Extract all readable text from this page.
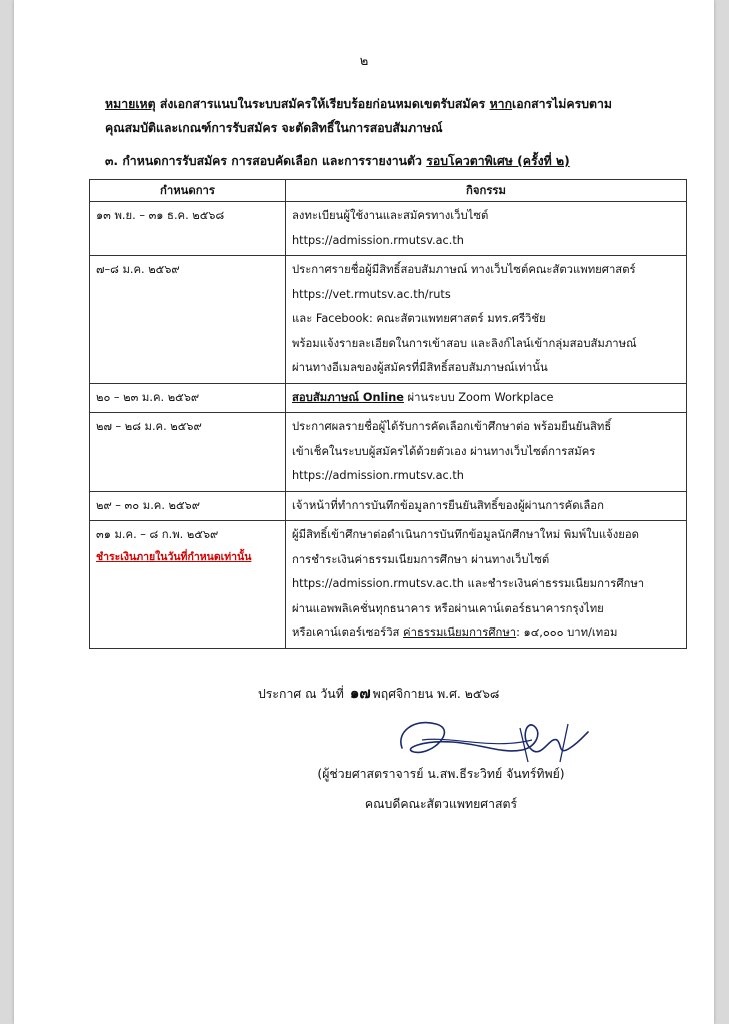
๒
หมายเหตุ ส่งเอกสารแนบในระบบสมัครให้เรียบร้อยก่อนหมดเขตรับสมัคร หากเอกสารไม่ครบตาม
คุณสมบัติและเกณฑ์การรับสมัคร จะตัดสิทธิ์ในการสอบสัมภาษณ์
๓. กำหนดการรับสมัคร การสอบคัดเลือก และการรายงานตัว รอบโควตาพิเศษ (ครั้งที่ ๒)
กำหนดการ	กิจกรรม
๑๓ พ.ย. – ๓๑ ธ.ค. ๒๕๖๘	ลงทะเบียนผู้ใช้งานและสมัครทางเว็บไซต์
https://admission.rmutsv.ac.th

๗–๘ ม.ค. ๒๕๖๙	ประกาศรายชื่อผู้มีสิทธิ์สอบสัมภาษณ์ ทางเว็บไซต์คณะสัตวแพทยศาสตร์
https://vet.rmutsv.ac.th/ruts
และ Facebook: คณะสัตวแพทยศาสตร์ มทร.ศรีวิชัย
พร้อมแจ้งรายละเอียดในการเข้าสอบ และลิงก์ไลน์เข้ากลุ่มสอบสัมภาษณ์
ผ่านทางอีเมลของผู้สมัครที่มีสิทธิ์สอบสัมภาษณ์เท่านั้น

๒๐ – ๒๓ ม.ค. ๒๕๖๙	สอบสัมภาษณ์ Online ผ่านระบบ Zoom Workplace

๒๗ – ๒๘ ม.ค. ๒๕๖๙	ประกาศผลรายชื่อผู้ได้รับการคัดเลือกเข้าศึกษาต่อ พร้อมยืนยันสิทธิ์
เข้าเช็คในระบบผู้สมัครได้ด้วยตัวเอง ผ่านทางเว็บไซต์การสมัคร
https://admission.rmutsv.ac.th

๒๙ – ๓๐ ม.ค. ๒๕๖๙	เจ้าหน้าที่ทำการบันทึกข้อมูลการยืนยันสิทธิ์ของผู้ผ่านการคัดเลือก

๓๑ ม.ค. – ๘ ก.พ. ๒๕๖๙
ชำระเงินภายในวันที่กำหนดเท่านั้น	ผู้มีสิทธิ์เข้าศึกษาต่อดำเนินการบันทึกข้อมูลนักศึกษาใหม่ พิมพ์ใบแจ้งยอด
การชำระเงินค่าธรรมเนียมการศึกษา ผ่านทางเว็บไซต์
https://admission.rmutsv.ac.th และชำระเงินค่าธรรมเนียมการศึกษา
ผ่านแอพพลิเคชั่นทุกธนาคาร หรือผ่านเคาน์เตอร์ธนาคารกรุงไทย
หรือเคาน์เตอร์เซอร์วิส ค่าธรรมเนียมการศึกษา: ๑๔,๐๐๐ บาท/เทอม
ประกาศ ณ วันที่ ๑๗ พฤศจิกายน พ.ศ. ๒๕๖๘
(ผู้ช่วยศาสตราจารย์ น.สพ.ธีระวิทย์ จันทร์ทิพย์)
คณบดีคณะสัตวแพทยศาสตร์
